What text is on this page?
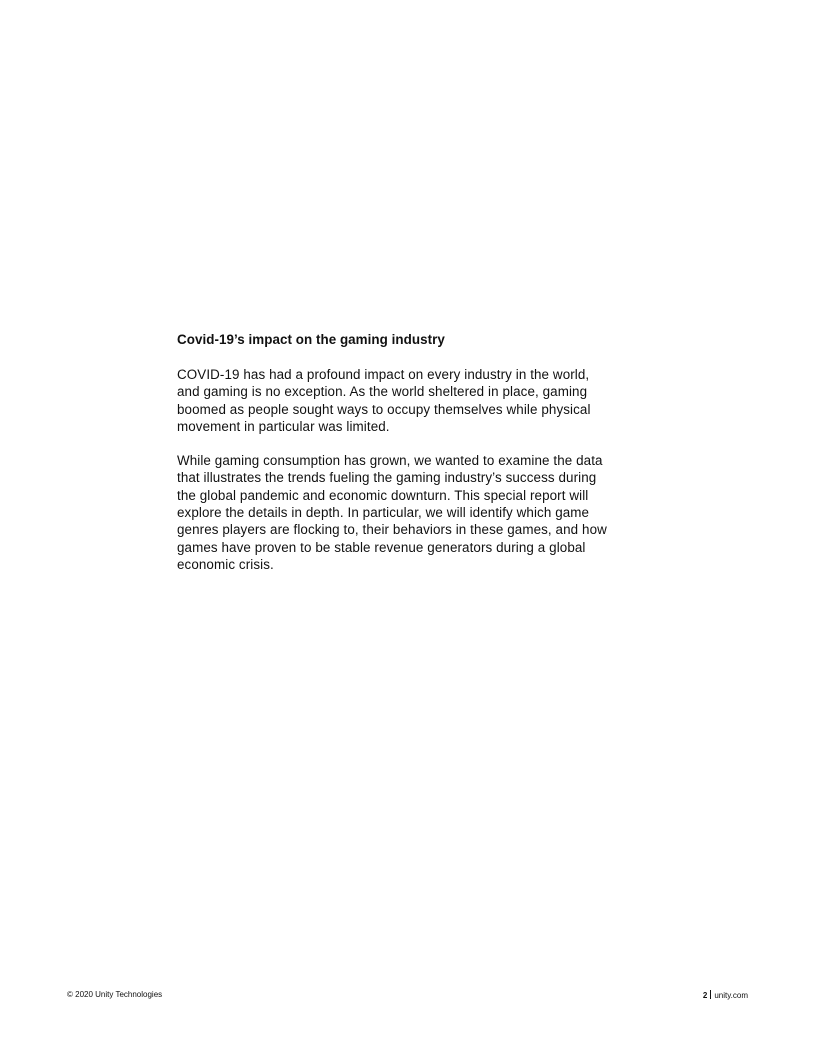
Covid-19’s impact on the gaming industry

COVID-19 has had a profound impact on every industry in the world,
and gaming is no exception. As the world sheltered in place, gaming
boomed as people sought ways to occupy themselves while physical
movement in particular was limited.

While gaming consumption has grown, we wanted to examine the data
that illustrates the trends fueling the gaming industry’s success during
the global pandemic and economic downturn. This special report will
explore the details in depth. In particular, we will identify which game
genres players are flocking to, their behaviors in these games, and how
games have proven to be stable revenue generators during a global
economic crisis.

© 2020 Unity Technologies	2 unity.com
